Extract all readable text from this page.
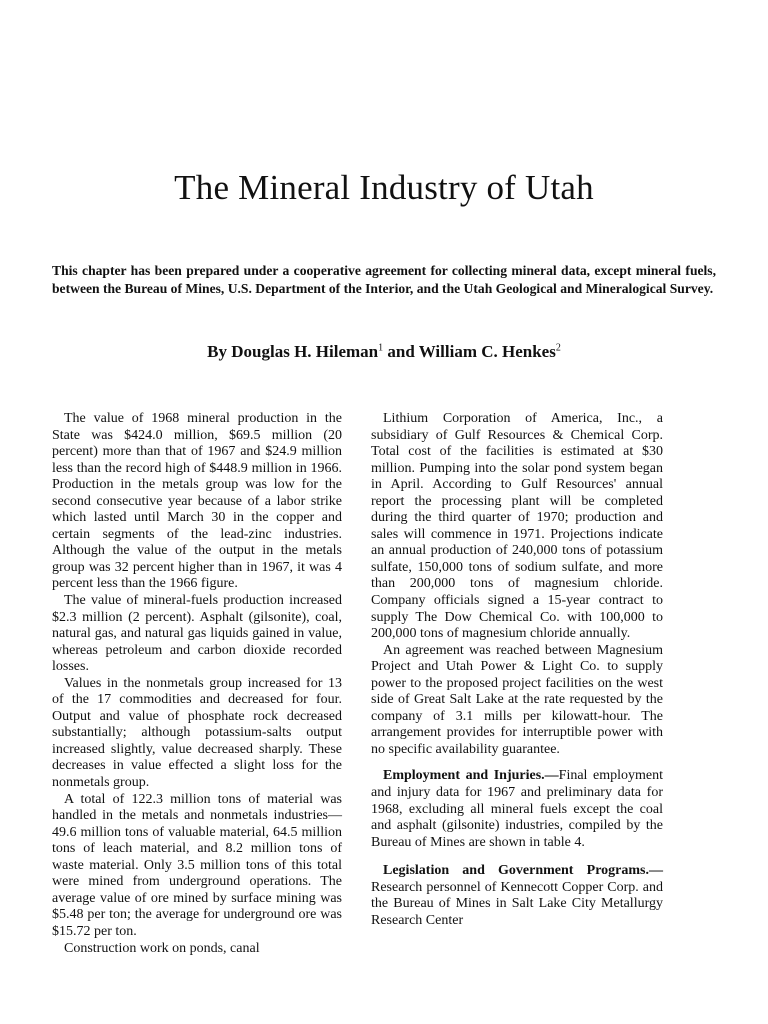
The Mineral Industry of Utah

This chapter has been prepared under a cooperative agreement for collecting mineral data, except mineral fuels, between the Bureau of Mines, U.S. Department of the Interior, and the Utah Geological and Mineralogical Survey.

By Douglas H. Hileman$^1$ and William C. Henkes$^2$

The value of 1968 mineral production in the State was $424.0 million, $69.5 million (20 percent) more than that of 1967 and $24.9 million less than the record high of $448.9 million in 1966. Production in the metals group was low for the second consecutive year because of a labor strike which lasted until March 30 in the copper and certain segments of the lead-zinc industries. Although the value of the output in the metals group was 32 percent higher than in 1967, it was 4 percent less than the 1966 figure.

The value of mineral-fuels production increased $2.3 million (2 percent). Asphalt (gilsonite), coal, natural gas, and natural gas liquids gained in value, whereas petroleum and carbon dioxide recorded losses.

Values in the nonmetals group increased for 13 of the 17 commodities and decreased for four. Output and value of phosphate rock decreased substantially; although potassium-salts output increased slightly, value decreased sharply. These decreases in value effected a slight loss for the nonmetals group.

A total of 122.3 million tons of material was handled in the metals and nonmetals industries—49.6 million tons of valuable material, 64.5 million tons of leach material, and 8.2 million tons of waste material. Only 3.5 million tons of this total were mined from underground operations. The average value of ore mined by surface mining was $5.48 per ton; the average for underground ore was $15.72 per ton.

Construction work on ponds, canal

Lithium Corporation of America, Inc., a subsidiary of Gulf Resources & Chemical Corp. Total cost of the facilities is estimated at $30 million. Pumping into the solar pond system began in April. According to Gulf Resources' annual report the processing plant will be completed during the third quarter of 1970; production and sales will commence in 1971. Projections indicate an annual production of 240,000 tons of potassium sulfate, 150,000 tons of sodium sulfate, and more than 200,000 tons of magnesium chloride. Company officials signed a 15-year contract to supply The Dow Chemical Co. with 100,000 to 200,000 tons of magnesium chloride annually.

An agreement was reached between Magnesium Project and Utah Power & Light Co. to supply power to the proposed project facilities on the west side of Great Salt Lake at the rate requested by the company of 3.1 mills per kilowatt-hour. The arrangement provides for interruptible power with no specific availability guarantee.

Employment and Injuries.—Final employment and injury data for 1967 and preliminary data for 1968, excluding all mineral fuels except the coal and asphalt (gilsonite) industries, compiled by the Bureau of Mines are shown in table 4.

Legislation and Government Programs.—Research personnel of Kennecott Copper Corp. and the Bureau of Mines in Salt Lake City Metallurgy Research Center
